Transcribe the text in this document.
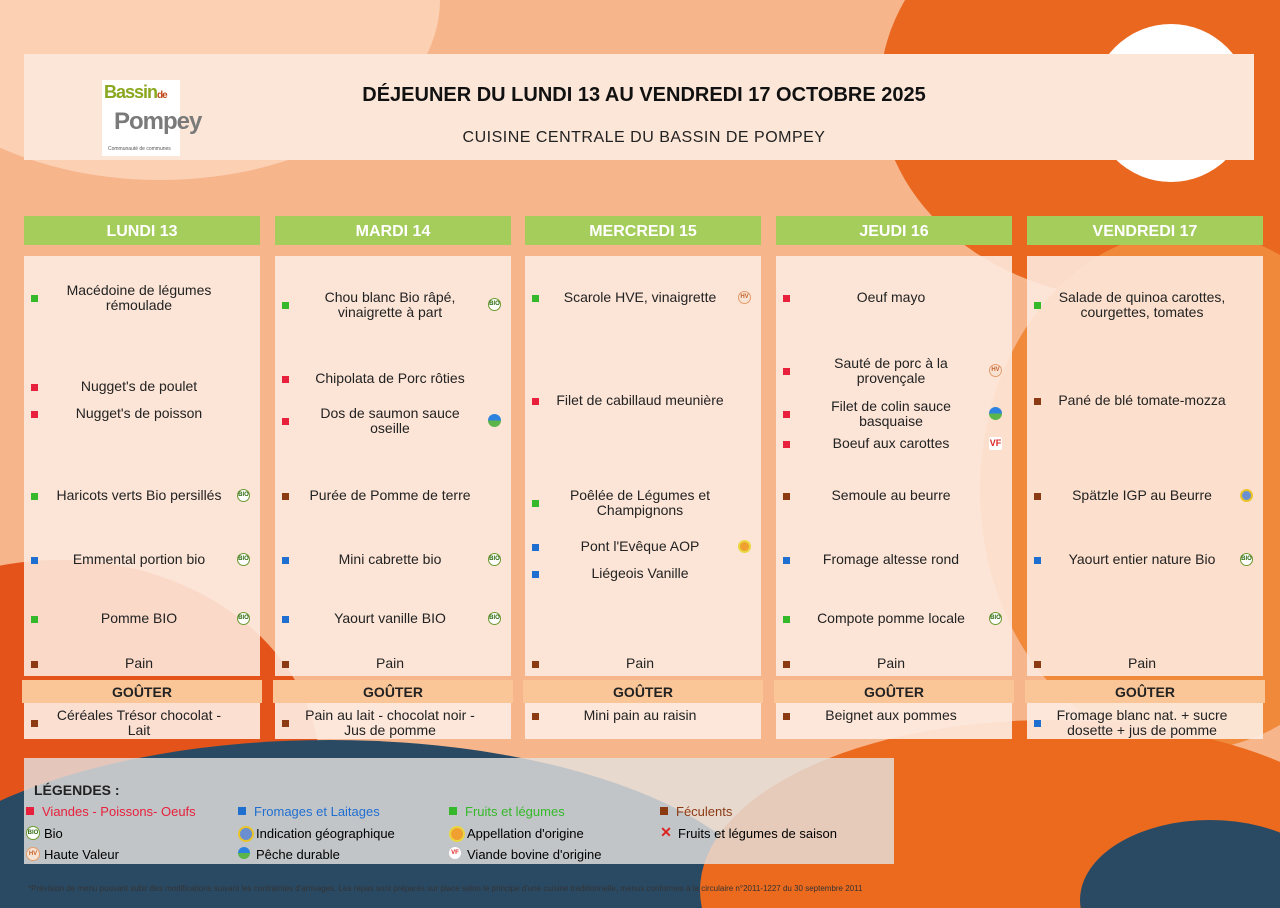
Bassinde
Pompey
Communauté de communes
DÉJEUNER DU LUNDI 13 AU VENDREDI 17 OCTOBRE 2025
CUISINE CENTRALE DU BASSIN DE POMPEY
LUNDI 13
Macédoine de légumes rémoulade
Nugget's de poulet
Nugget's de poisson
Haricots verts Bio persillés	BIO
Emmental portion bio	BIO
Pomme BIO	BIO
Pain
GOÛTER
Céréales Trésor chocolat - Lait
MARDI 14
Chou blanc Bio râpé, vinaigrette à part	BIO
Chipolata de Porc rôties
Dos de saumon sauce oseille
Purée de Pomme de terre
Mini cabrette bio	BIO
Yaourt vanille BIO	BIO
Pain
GOÛTER
Pain au lait - chocolat noir - Jus de pomme
MERCREDI 15
Scarole HVE, vinaigrette	HV
Filet de cabillaud meunière
Poêlée de Légumes et Champignons
Pont l'Evêque AOP
Liégeois Vanille
Pain
GOÛTER
Mini pain au raisin
JEUDI 16
Oeuf mayo
Sauté de porc à la provençale	HV
Filet de colin sauce basquaise
Boeuf aux carottes	VF
Semoule au beurre
Fromage altesse rond
Compote pomme locale	BIO
Pain
GOÛTER
Beignet aux pommes
VENDREDI 17
Salade de quinoa carottes, courgettes, tomates
Pané de blé tomate-mozza
Spätzle IGP au Beurre
Yaourt entier nature Bio	BIO
Pain
GOÛTER
Fromage blanc nat. + sucre dosette + jus de pomme
LÉGENDES :
Viandes - Poissons- Oeufs	Fromages et Laitages	Fruits et légumes	Féculents
BIO Bio	Indication géographique	Appellation d'origine	✕ Fruits et légumes de saison
HV Haute Valeur	Pêche durable	VF Viande bovine d'origine
*Prévision de menu pouvant subir des modifications suivant les contraintes d'arrivages. Les repas sont préparés sur place selon le principe d'une cuisine traditionnelle, menus conformes à la circulaire n°2011-1227 du 30 septembre 2011
